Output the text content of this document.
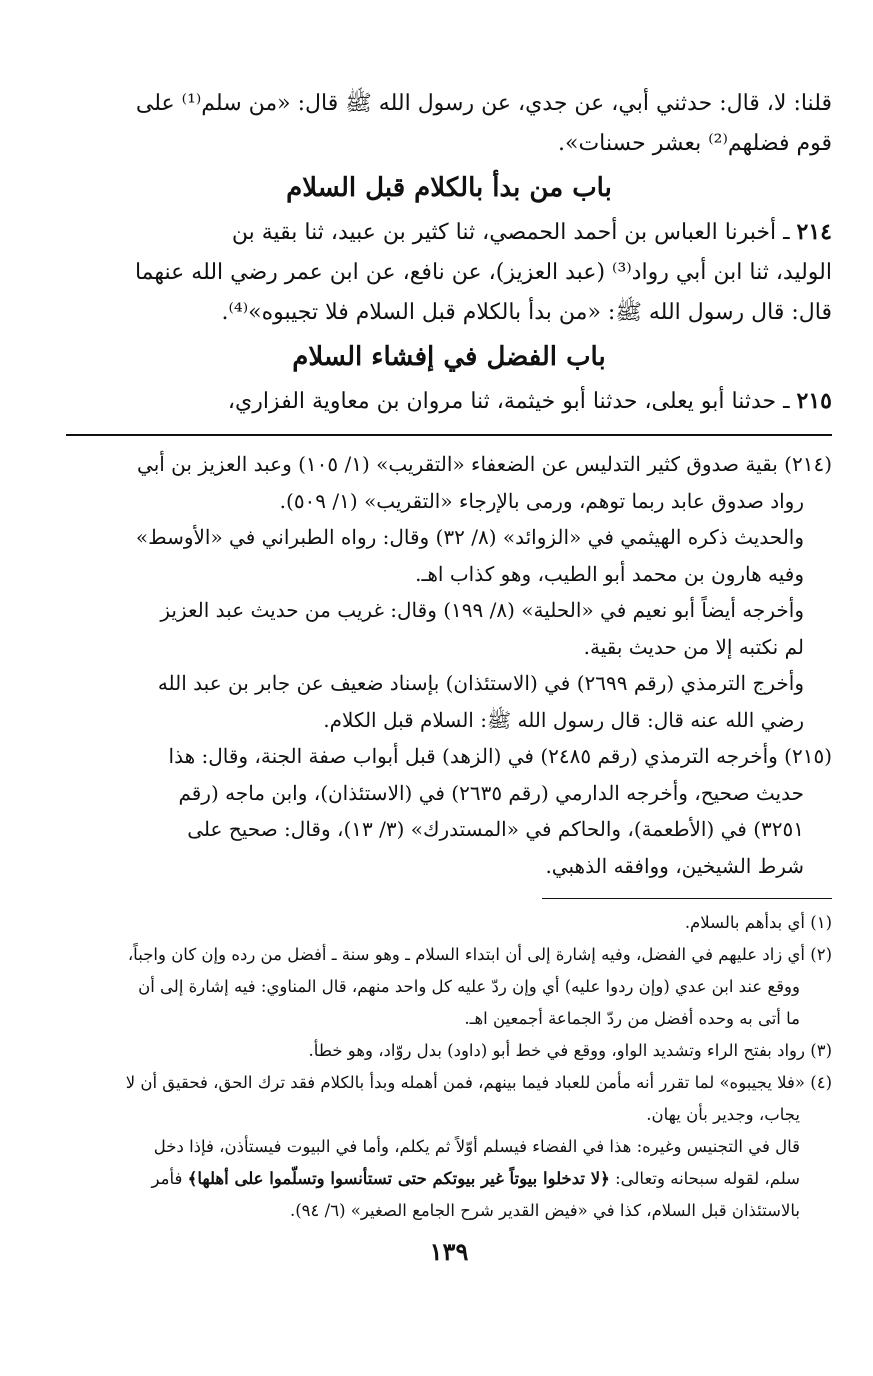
قلنا: لا، قال: حدثني أبي، عن جدي، عن رسول الله ﷺ قال: «من سلم⁽¹⁾ على
قوم فضلهم⁽²⁾ بعشر حسنات».

باب من بدأ بالكلام قبل السلام

٢١٤ ـ أخبرنا العباس بن أحمد الحمصي، ثنا كثير بن عبيد، ثنا بقية بن
الوليد، ثنا ابن أبي رواد⁽³⁾ (عبد العزيز)، عن نافع، عن ابن عمر رضي الله عنهما
قال: قال رسول الله ﷺ: «من بدأ بالكلام قبل السلام فلا تجيبوه»⁽⁴⁾.

باب الفضل في إفشاء السلام

٢١٥ ـ حدثنا أبو يعلى، حدثنا أبو خيثمة، ثنا مروان بن معاوية الفزاري،

(٢١٤) بقية صدوق كثير التدليس عن الضعفاء «التقريب» (١/ ١٠٥) وعبد العزيز بن أبي

رواد صدوق عابد ربما توهم، ورمى بالإرجاء «التقريب» (١/ ٥٠٩).

والحديث ذكره الهيثمي في «الزوائد» (٨/ ٣٢) وقال: رواه الطبراني في «الأوسط»

وفيه هارون بن محمد أبو الطيب، وهو كذاب اهـ.

وأخرجه أيضاً أبو نعيم في «الحلية» (٨/ ١٩٩) وقال: غريب من حديث عبد العزيز

لم نكتبه إلا من حديث بقية.

وأخرج الترمذي (رقم ٢٦٩٩) في (الاستئذان) بإسناد ضعيف عن جابر بن عبد الله

رضي الله عنه قال: قال رسول الله ﷺ: السلام قبل الكلام.

(٢١٥) وأخرجه الترمذي (رقم ٢٤٨٥) في (الزهد) قبل أبواب صفة الجنة، وقال: هذا

حديث صحيح، وأخرجه الدارمي (رقم ٢٦٣٥) في (الاستئذان)، وابن ماجه (رقم

٣٢٥١) في (الأطعمة)، والحاكم في «المستدرك» (٣/ ١٣)، وقال: صحيح على

شرط الشيخين، ووافقه الذهبي.

(١) أي بدأهم بالسلام.

(٢) أي زاد عليهم في الفضل، وفيه إشارة إلى أن ابتداء السلام ـ وهو سنة ـ أفضل من رده وإن كان واجباً،

ووقع عند ابن عدي (وإن ردوا عليه) أي وإن ردّ عليه كل واحد منهم، قال المناوي: فيه إشارة إلى أن

ما أتى به وحده أفضل من ردّ الجماعة أجمعين اهـ.

(٣) رواد بفتح الراء وتشديد الواو، ووقع في خط أبو (داود) بدل روّاد، وهو خطأ.

(٤) «فلا يجيبوه» لما تقرر أنه مأمن للعباد فيما بينهم، فمن أهمله وبدأ بالكلام فقد ترك الحق، فحقيق أن لا

يجاب، وجدير بأن يهان.

قال في التجنيس وغيره: هذا في الفضاء فيسلم أوّلاً ثم يكلم، وأما في البيوت فيستأذن، فإذا دخل

سلم، لقوله سبحانه وتعالى: ﴿لا تدخلوا بيوتاً غير بيوتكم حتى تستأنسوا وتسلّموا على أهلها﴾ فأمر

بالاستئذان قبل السلام، كذا في «فيض القدير شرح الجامع الصغير» (٦/ ٩٤).

١٣٩
